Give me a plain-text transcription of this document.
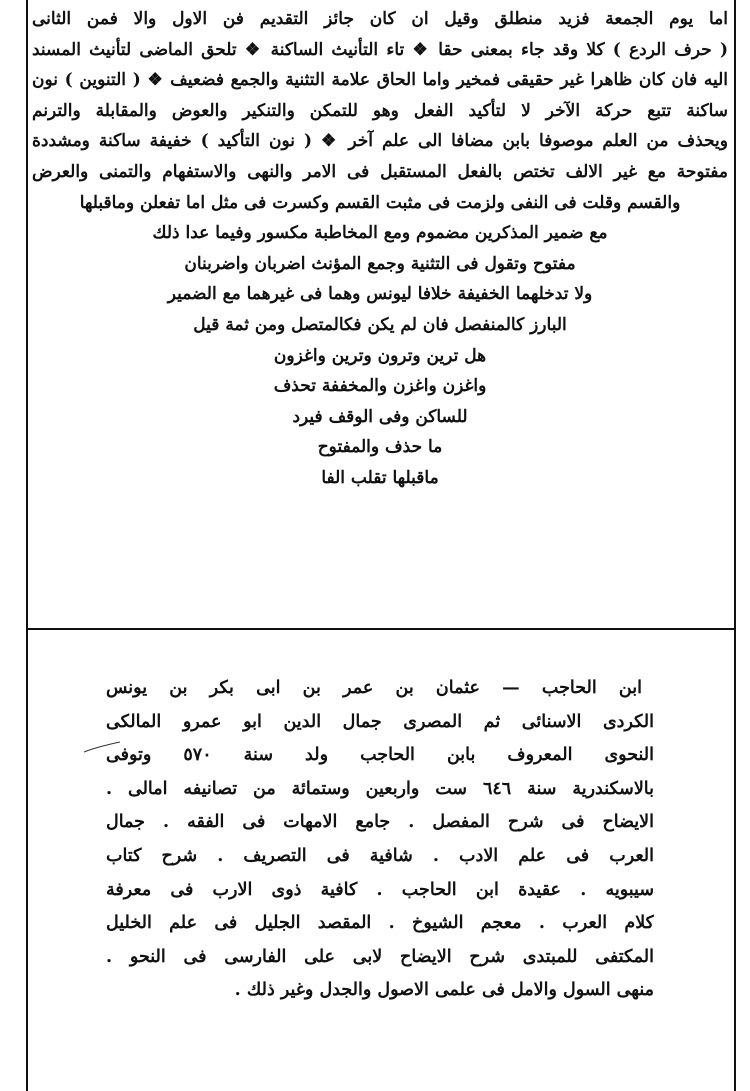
اما يوم الجمعة فزيد منطلق وقيل ان كان جائز التقديم فن الاول والا فمن الثانى
( حرف الردع ) كلا وقد جاء بمعنى حقا ❖ تاء التأنيث الساكنة ❖ تلحق الماضى لتأنيث المسند
اليه فان كان ظاهرا غير حقيقى فمخير واما الحاق علامة التثنية والجمع فضعيف ❖ ( التنوين ) نون
ساكنة تتبع حركة الآخر لا لتأكيد الفعل وهو للتمكن والتنكير والعوض والمقابلة والترنم
ويحذف من العلم موصوفا بابن مضافا الى علم آخر ❖ ( نون التأكيد ) خفيفة ساكنة ومشددة
مفتوحة مع غير الالف تختص بالفعل المستقبل فى الامر والنهى والاستفهام والتمنى والعرض
والقسم وقلت فى النفى ولزمت فى مثبت القسم وكسرت فى مثل اما تفعلن وماقبلها
مع ضمير المذكرين مضموم ومع المخاطبة مكسور وفيما عدا ذلك
مفتوح وتقول فى التثنية وجمع المؤنث اضربان واضربنان
ولا تدخلهما الخفيفة خلافا ليونس وهما فى غيرهما مع الضمير
البارز كالمنفصل فان لم يكن فكالمتصل ومن ثمة قيل
هل ترين وترون وترين واغزون
واغزن واغزن والمخففة تحذف
للساكن وفى الوقف فيرد
ما حذف والمفتوح
ماقبلها تقلب الفا
ابن الحاجب — عثمان بن عمر بن ابى بكر بن يونس
الكردى الاسنائى ثم المصرى جمال الدين ابو عمرو المالكى
النحوى المعروف بابن الحاجب ولد سنة ٥٧٠ وتوفى
بالاسكندرية سنة ٦٤٦ ست واربعين وستمائة من تصانيفه امالى .
الايضاح فى شرح المفصل . جامع الامهات فى الفقه . جمال
العرب فى علم الادب . شافية فى التصريف . شرح كتاب
سيبويه . عقيدة ابن الحاجب . كافية ذوى الارب فى معرفة
كلام العرب . معجم الشيوخ . المقصد الجليل فى علم الخليل
المكتفى للمبتدى شرح الايضاح لابى على الفارسى فى النحو .
منهى السول والامل فى علمى الاصول والجدل وغير ذلك .
